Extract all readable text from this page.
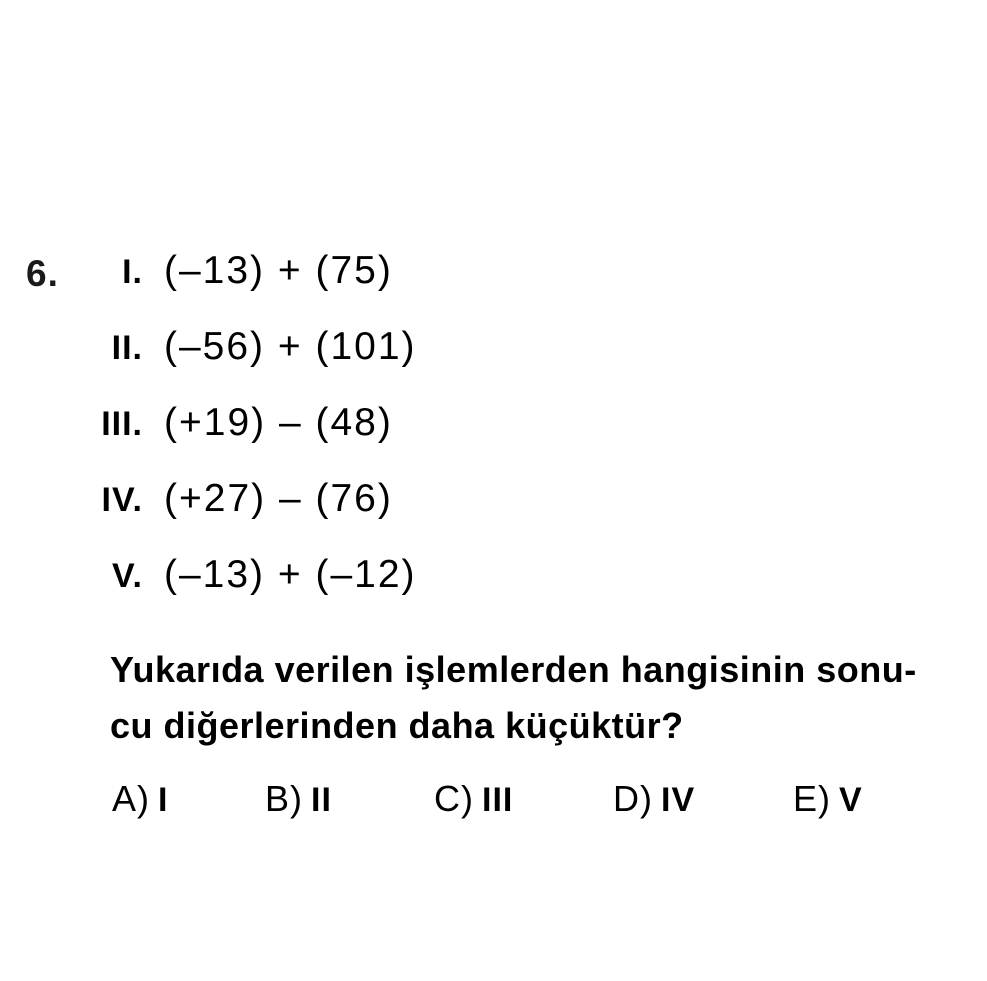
6.	I. (–13) + (75)
II. (–56) + (101)
III. (+19) – (48)
IV. (+27) – (76)
V. (–13) + (–12)
Yukarıda verilen işlemlerden hangisinin sonu-
cu diğerlerinden daha küçüktür?
A) I	B) II	C) III	D) IV	E) V
